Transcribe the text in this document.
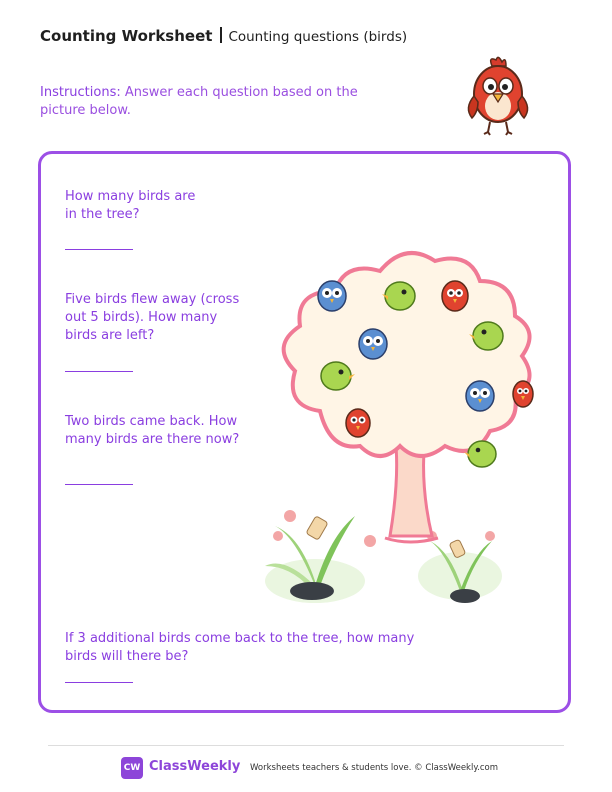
Counting Worksheet Counting questions (birds)
Instructions: Answer each question based on the picture below.
How many birds are in the tree?
Five birds flew away (cross out 5 birds). How many birds are left?
Two birds came back. How many birds are there now?
If 3 additional birds come back to the tree, how many birds will there be?
CW ClassWeekly Worksheets teachers & students love. © ClassWeekly.com
